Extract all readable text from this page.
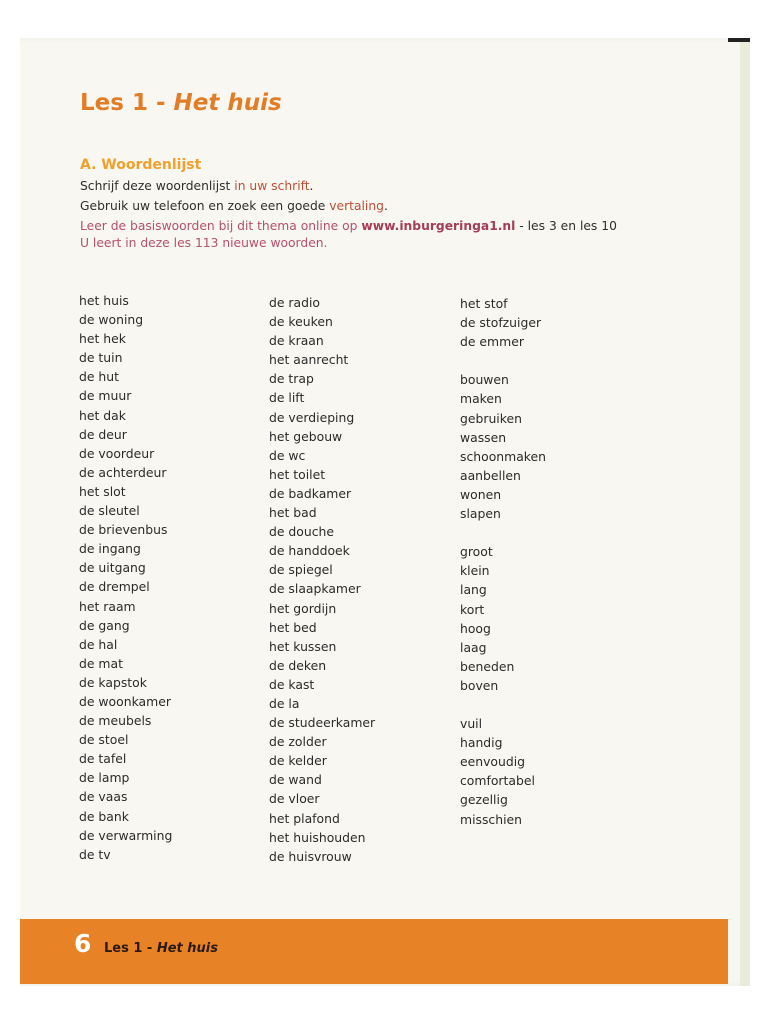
Les 1 - Het huis
A. Woordenlijst
Schrijf deze woordenlijst in uw schrift.
Gebruik uw telefoon en zoek een goede vertaling.
Leer de basiswoorden bij dit thema online op www.inburgeringa1.nl - les 3 en les 10
U leert in deze les 113 nieuwe woorden.
het huis
de woning
het hek
de tuin
de hut
de muur
het dak
de deur
de voordeur
de achterdeur
het slot
de sleutel
de brievenbus
de ingang
de uitgang
de drempel
het raam
de gang
de hal
de mat
de kapstok
de woonkamer
de meubels
de stoel
de tafel
de lamp
de vaas
de bank
de verwarming
de tv
de radio
de keuken
de kraan
het aanrecht
de trap
de lift
de verdieping
het gebouw
de wc
het toilet
de badkamer
het bad
de douche
de handdoek
de spiegel
de slaapkamer
het gordijn
het bed
het kussen
de deken
de kast
de la
de studeerkamer
de zolder
de kelder
de wand
de vloer
het plafond
het huishouden
de huisvrouw
het stof
de stofzuiger
de emmer
bouwen
maken
gebruiken
wassen
schoonmaken
aanbellen
wonen
slapen
groot
klein
lang
kort
hoog
laag
beneden
boven
vuil
handig
eenvoudig
comfortabel
gezellig
misschien
6 Les 1 - Het huis
